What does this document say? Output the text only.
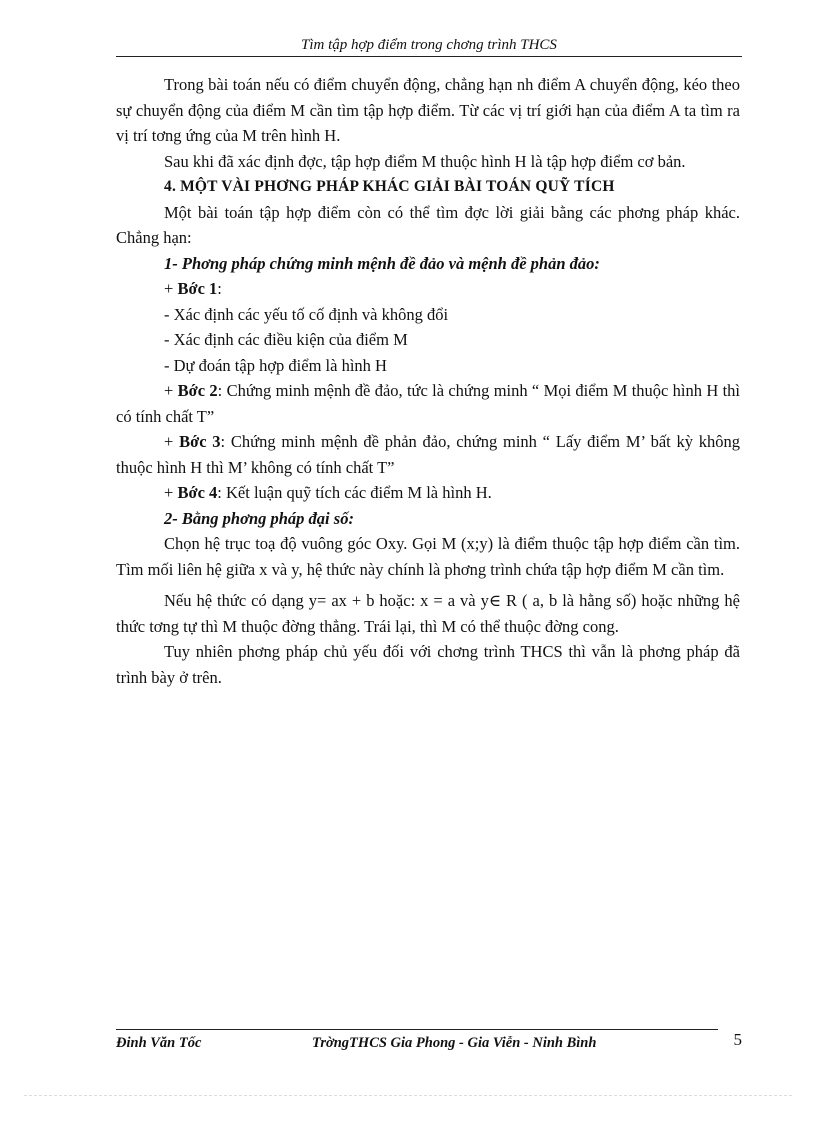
Tìm tập hợp điểm trong chơng trình THCS

Trong bài toán nếu có điểm chuyển động, chẳng hạn nh điểm A chuyển động, kéo theo sự chuyển động của điểm M cần tìm tập hợp điểm. Từ các vị trí giới hạn của điểm A ta tìm ra vị trí tơng ứng của M trên hình H.

Sau khi đã xác định đợc, tập hợp điểm M thuộc hình H là tập hợp điểm cơ bản.

4. MỘT VÀI PHƠNG PHÁP KHÁC GIẢI BÀI TOÁN QUỸ TÍCH

Một bài toán tập hợp điểm còn có thể tìm đợc lời giải bằng các phơng pháp khác. Chẳng hạn:

1- Phơng pháp chứng minh mệnh đề đảo và mệnh đề phản đảo:

+ Bớc 1:

- Xác định các yếu tố cố định và không đổi

- Xác định các điều kiện của điểm M

- Dự đoán tập hợp điểm là hình H

+ Bớc 2: Chứng minh mệnh đề đảo, tức là chứng minh “ Mọi điểm M thuộc hình H thì có tính chất T”

+ Bớc 3: Chứng minh mệnh đề phản đảo, chứng minh “ Lấy điểm M’ bất kỳ không thuộc hình H thì M’ không có tính chất T”

+ Bớc 4: Kết luận quỹ tích các điểm M là hình H.

2- Bằng phơng pháp đại số:

Chọn hệ trục toạ độ vuông góc Oxy. Gọi M (x;y) là điểm thuộc tập hợp điểm cần tìm. Tìm mối liên hệ giữa x và y, hệ thức này chính là phơng trình chứa tập hợp điểm M cần tìm.

Nếu hệ thức có dạng y= ax + b hoặc: x = a và y∈ R ( a, b là hằng số) hoặc những hệ thức tơng tự thì M thuộc đờng thẳng. Trái lại, thì M có thể thuộc đờng cong.

Tuy nhiên phơng pháp chủ yếu đối với chơng trình THCS thì vẫn là phơng pháp đã trình bày ở trên.

Đinh Văn Tốc	TrờngTHCS Gia Phong - Gia Viễn - Ninh Bình	5
